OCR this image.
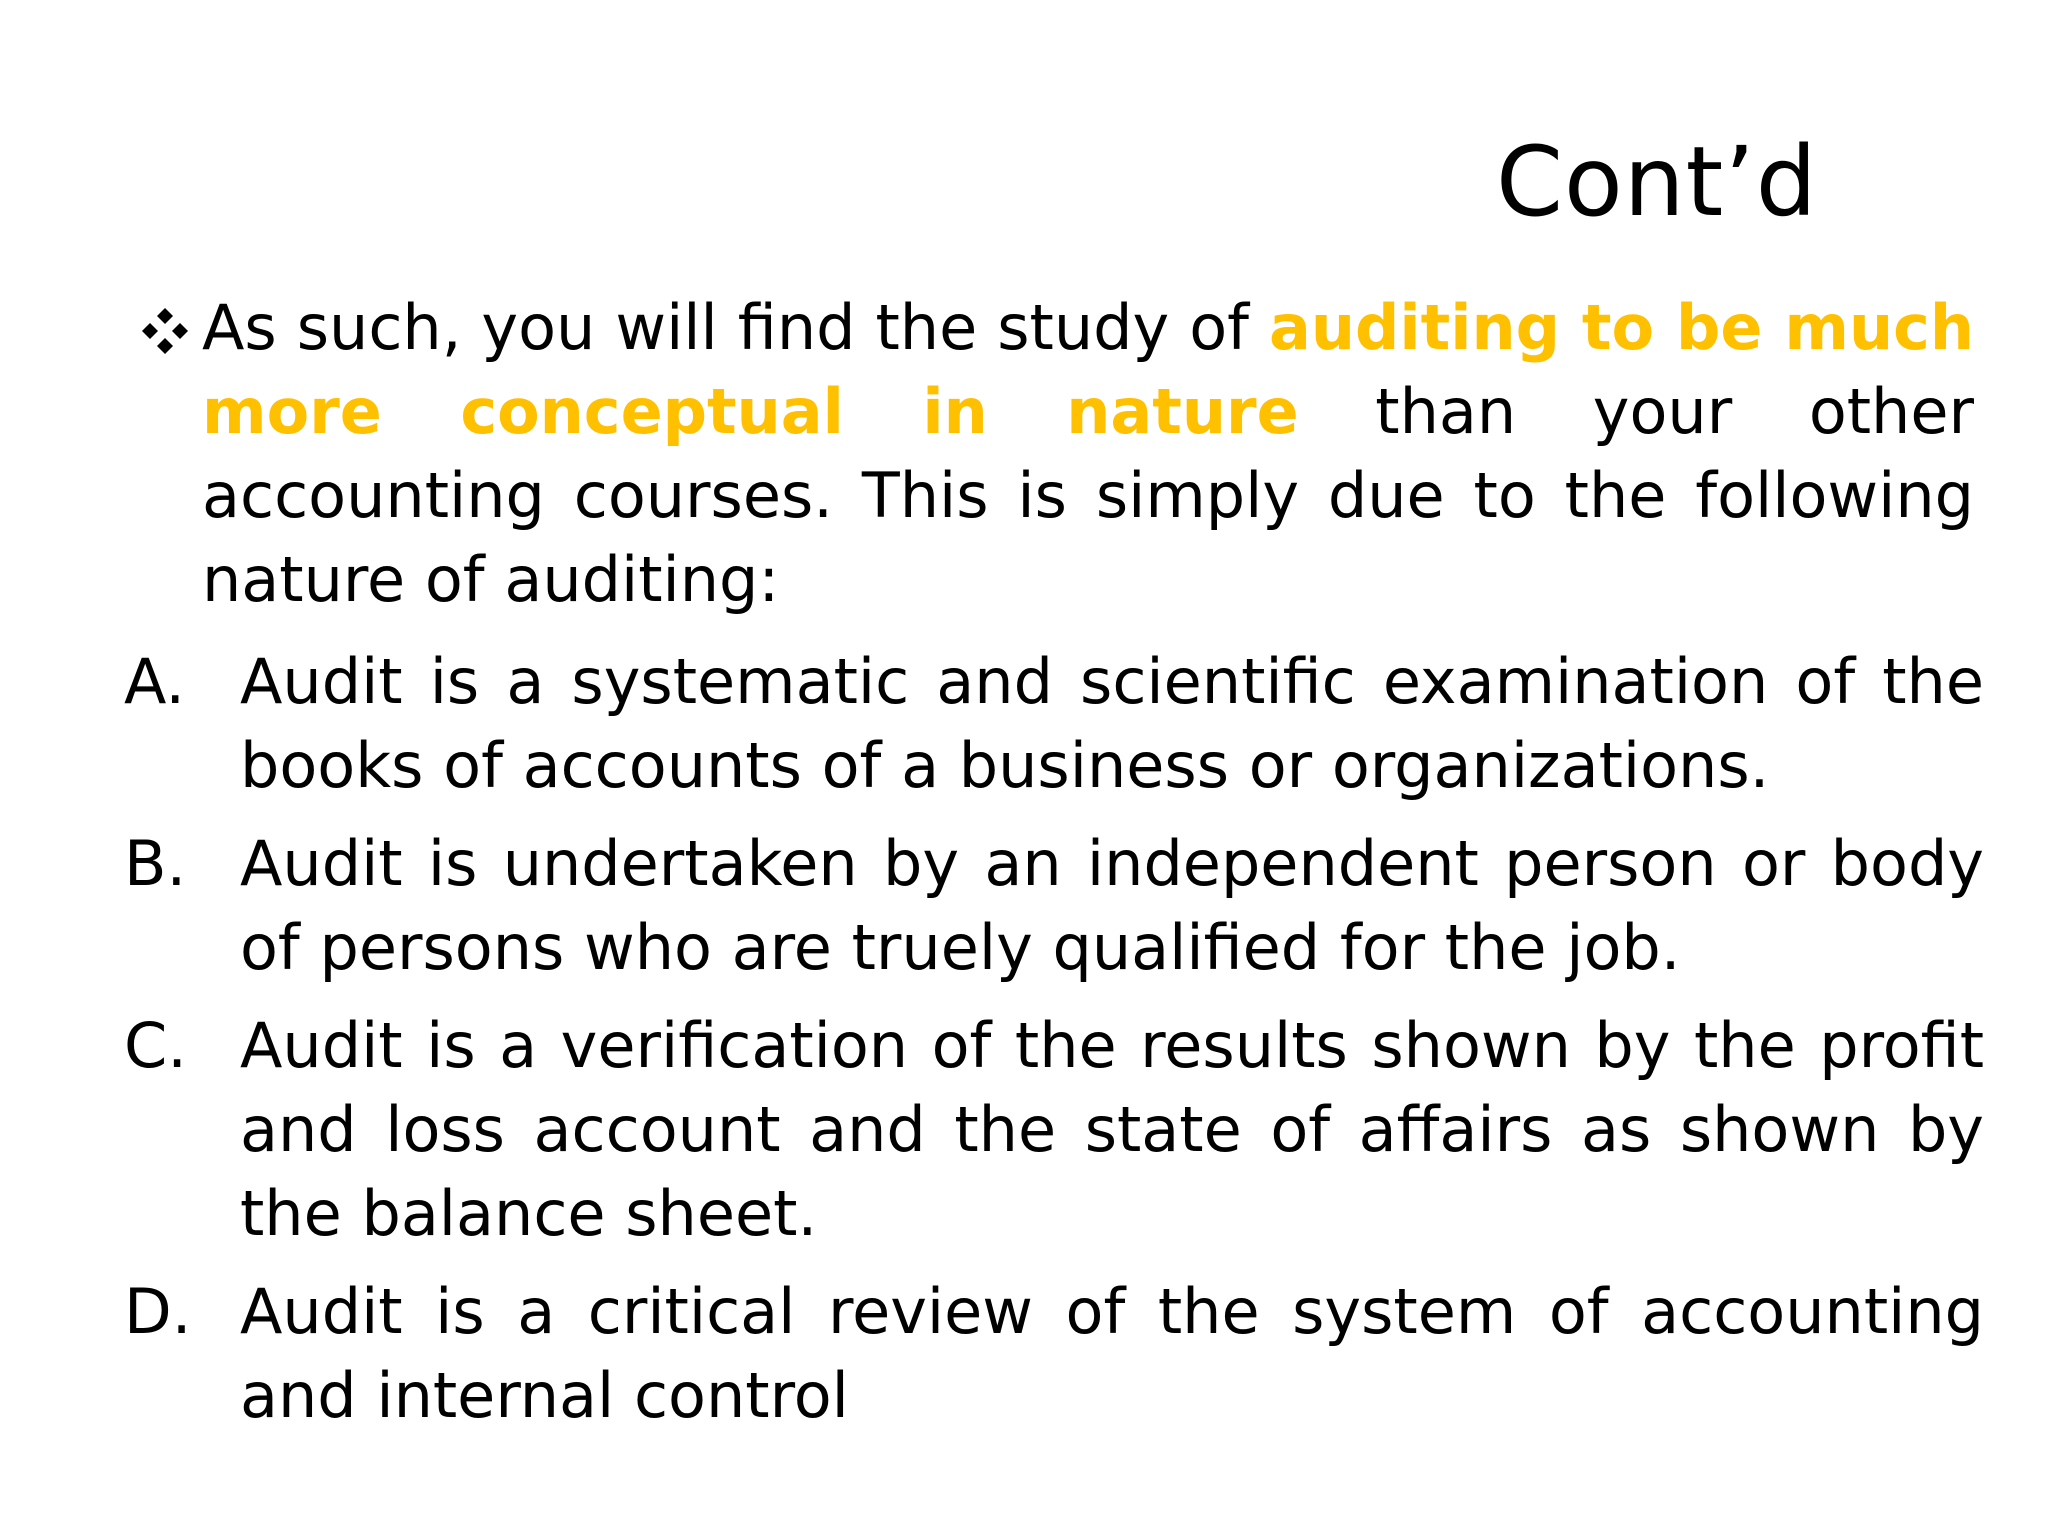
Cont’d
As such, you will find the study of auditing to be much more conceptual in nature than your other accounting courses. This is simply due to the following nature of auditing:
A. Audit is a systematic and scientific examination of the books of accounts of a business or organizations.
B. Audit is undertaken by an independent person or body of persons who are truely qualified for the job.
C. Audit is a verification of the results shown by the profit and loss account and the state of affairs as shown by the balance sheet.
D. Audit is a critical review of the system of accounting and internal control
